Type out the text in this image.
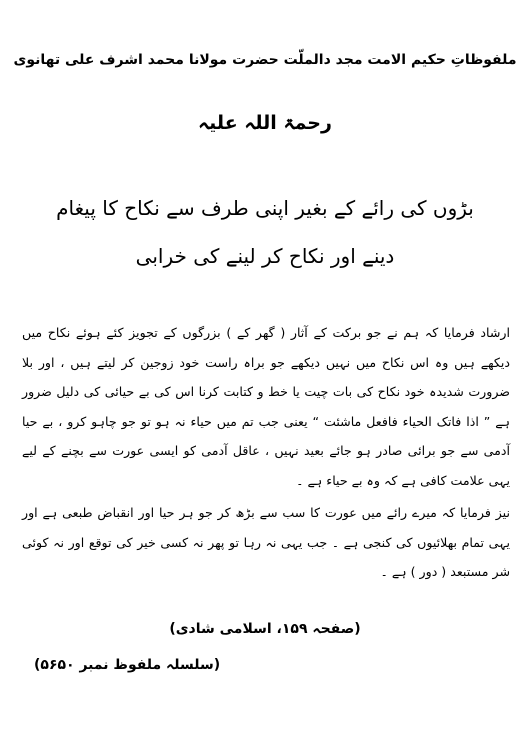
ملفوظاتِ حکیم الامت مجد دالملّت حضرت مولانا محمد اشرف علی تھانوی
رحمۃ اللہ علیہ
بڑوں کی رائے کے بغیر اپنی طرف سے نکاح کا پیغام
دینے اور نکاح کر لینے کی خرابی
ارشاد فرمایا کہ ہم نے جو برکت کے آثار ( گھر کے ) بزرگوں کے تجویز کئے ہوئے نکاح میں دیکھے ہیں وہ اس نکاح میں نہیں دیکھے جو براہ راست خود زوجین کر لیتے ہیں ، اور بلا ضرورت شدیدہ خود نکاح کی بات چیت یا خط و کتابت کرنا اس کی بے حیائی کی دلیل ضرور ہے ” اذا فاتک الحیاء فافعل ماشئت “ یعنی جب تم میں حیاء نہ ہو تو جو چاہو کرو ، بے حیا آدمی سے جو برائی صادر ہو جائے بعید نہیں ، عاقل آدمی کو ایسی عورت سے بچنے کے لیے یہی علامت کافی ہے کہ وہ بے حیاء ہے ۔
نیز فرمایا کہ میرے رائے میں عورت کا سب سے بڑھ کر جو ہر حیا اور انقباض طبعی ہے اور یہی تمام بھلائیوں کی کنجی ہے ۔ جب یہی نہ رہا تو پھر نہ کسی خیر کی توقع اور نہ کوئی شر مستبعد ( دور ) ہے ۔
(صفحہ ۱۵۹، اسلامی شادی)
(سلسلہ ملفوظ نمبر ۵۶۵۰)
